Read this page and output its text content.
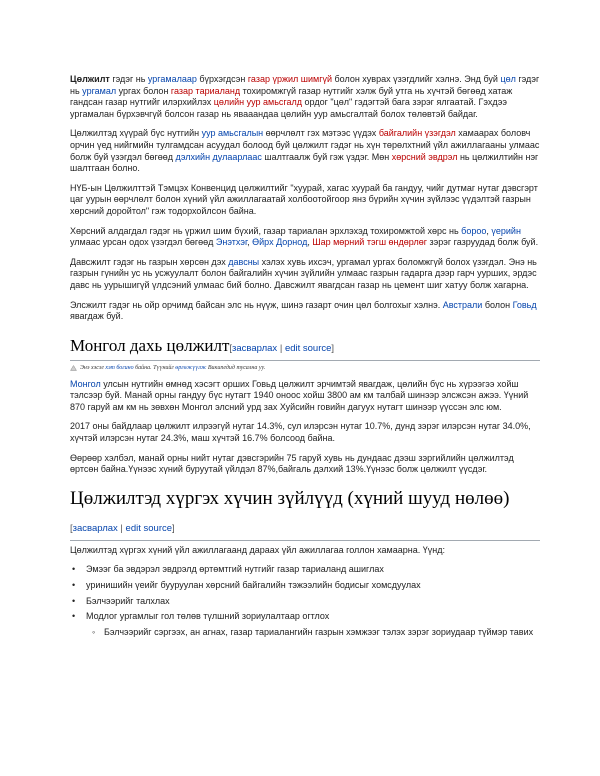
Цөлжилт гэдэг нь ургамалаар бүрхэгдсэн газар үржил шимгүй болон хуврах үзэгдлийг хэлнэ. Энд буй цөл гэдэг нь ургамал ургах болон газар тариаланд тохиромжгүй газар нутгийг хэлж буй утга нь хүчтэй бөгөөд хатаж гандсан газар нутгийг илэрхийлэх цөлийн уур амьсгалд ордог "цөл" гэдэгтэй бага зэрэг ялгаатай. Гэхдээ ургамалан бүрхэвчгүй болсон газар нь явааандаа цөлийн уур амьсгалтай болох төлөвтэй байдаг.

Цөлжилтэд хүүрай бүс нутгийн уур амьсгалын өөрчлөлт гэх мэтээс үүдэх байгалийн үзэгдэл хамаарах боловч орчин үед нийгмийн тулгамдсан асуудал болоод буй цөлжилт гэдэг нь хүн төрөлхтний үйл ажиллагааны улмаас болж буй үзэгдэл бөгөөд дэлхийн дулаарлаас шалтгаалж буй гэж үздэг. Мөн хөрсний эвдрэл нь цөлжилтийн нэг шалтгаан болно.

НҮБ-ын Цөлжилттэй Тэмцэх Конвенцид цөлжилтийг "хуурай, хагас хуурай ба гандуу, чийг дутмаг нутаг дэвсгэрт цаг уурын өөрчлөлт болон хүний үйл ажиллагаатай холбоотойгоор янз бүрийн хүчин зүйлээс үүдэлтэй газрын хөрсний доройтол" гэж тодорхойлсон байна.

Хөрсний алдагдал гэдэг нь үржил шим бүхий, газар тариалан эрхлэхэд тохиромжтой хөрс нь бороо, үерийн улмаас урсан одох үзэгдэл бөгөөд Энэтхэг, Өйрх Дорнод, Шар мөрний тэгш өндөрлөг зэрэг газруудад болж буй.

Давсжилт гэдэг нь газрын хөрсөн дэх давсны хэлэх хувь ихсэч, ургамал ургах боломжгүй болох үзэгдэл. Энэ нь газрын гүнийн ус нь усжуулалт болон байгалийн хүчин зүйлийн улмаас газрын гадарга дээр гарч уурших, эрдэс давс нь уурышигүй үлдсэний улмаас бий болно. Давсжилт явагдсан газар нь цемент шиг хатуу болж хагарна.

Элсжилт гэдэг нь ойр орчимд байсан элс нь нүүж, шинэ газарт очин цөл болгохыг хэлнэ. Австрали болон Говьд явагдаж буй.

Монгол дахь цөлжилт[засварлах | edit source]
Энэ хэсэг хэт богино байна. Түүнийг өргөжүүлж Википедид тусална уу.

Монгол улсын нутгийн өмнөд хэсэгт орших Говьд цөлжилт эрчимтэй явагдаж, цөлийн бүс нь хүрээгээ хойш тэлсээр буй. Манай орны гандуу бүс нутагт 1940 оноос хойш 3800 ам км талбай шинээр элсжсэн ажээ. Үүний 870 гаруй ам км нь зөвхөн Монгол элсний урд зах Хуйсийн говийн дагуух нутагт шинээр үүссэн элс юм.

2017 оны байдлаар цөлжилт илрээгүй нутаг 14.3%, сул илэрсэн нутаг 10.7%, дунд зэрэг илэрсэн нутаг 34.0%, хүчтэй илэрсэн нутаг 24.3%, маш хүчтэй 16.7% болсоод байна.

Өөрөөр хэлбэл, манай орны нийт нутаг дэвсгэрийн 75 гаруй хувь нь дундаас дээш зэргийлийн цөлжилтэд өртсөн байна.Үүнээс хүний буруутай үйлдэл 87%,байгаль дэлхий 13%.Үүнээс болж цөлжилт үүсдэг.

Цөлжилтэд хүргэх хүчин зүйлүүд (хүний шууд нөлөө)[засварлах | edit source]

Цөлжилтэд хүргэх хүний үйл ажиллагаанд дараах үйл ажиллагаа голлон хамаарна. Үүнд:

• Эмээг ба эвдэрэл эвдрэлд өртөмтгий нутгийг газар тариаланд ашиглах
• уринишийн үеийг бууруулан хөрсний байгалийн тэжээлийн бодисыг хомсдуулах
• Бэлчээрийг талхлах
• Модлог ургамлыг гол төлөв түлшний зориулалтаар огтлох
◦ Бэлчээрийг сэргээх, ан агнах, газар тариалангийн газрын хэмжээг тэлэх зэрэг зориудаар түймэр тавих
